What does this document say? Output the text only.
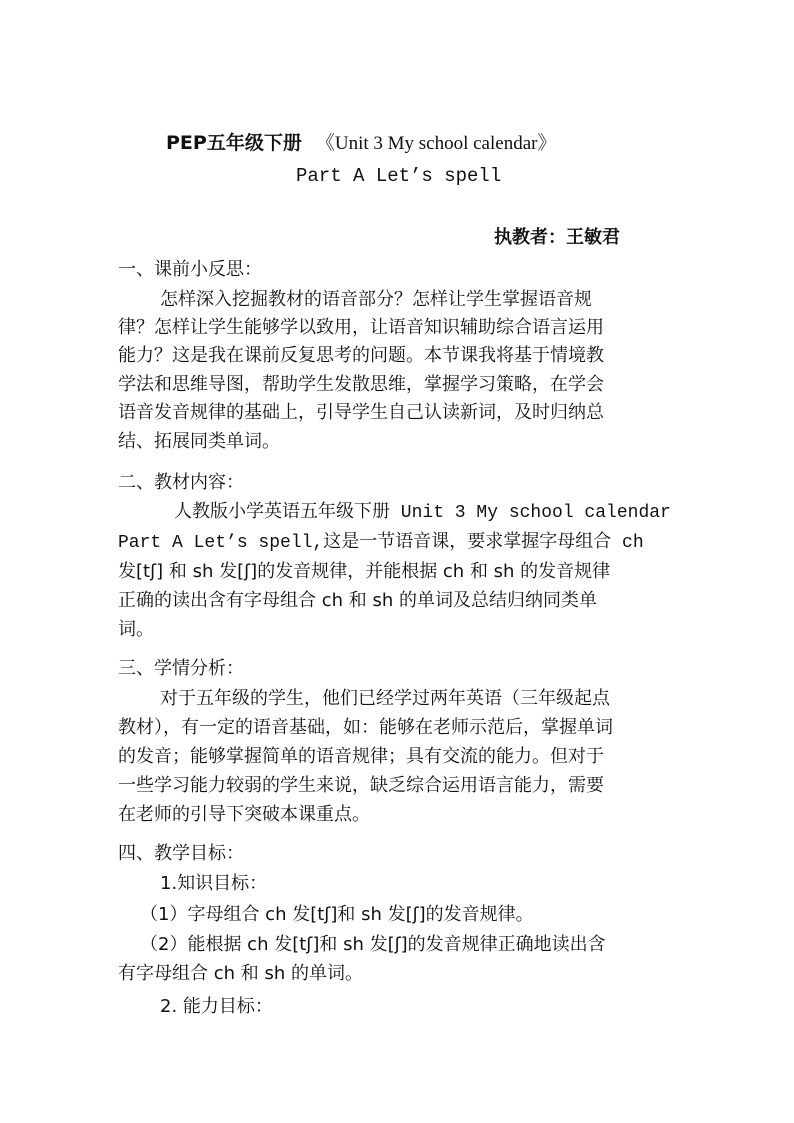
PEP五年级下册 《Unit 3 My school calendar》
Part A Let’s spell
执教者：王敏君
一、课前小反思：
怎样深入挖掘教材的语音部分？怎样让学生掌握语音规
律？怎样让学生能够学以致用，让语音知识辅助综合语言运用
能力？这是我在课前反复思考的问题。本节课我将基于情境教
学法和思维导图，帮助学生发散思维，掌握学习策略，在学会
语音发音规律的基础上，引导学生自己认读新词，及时归纳总
结、拓展同类单词。
二、教材内容：
人教版小学英语五年级下册 Unit 3 My school calendar
Part A Let’s spell,这是一节语音课，要求掌握字母组合 ch
发[tʃ] 和 sh 发[ʃ]的发音规律，并能根据 ch 和 sh 的发音规律
正确的读出含有字母组合 ch 和 sh 的单词及总结归纳同类单
词。
三、学情分析：
对于五年级的学生，他们已经学过两年英语（三年级起点
教材），有一定的语音基础，如：能够在老师示范后，掌握单词
的发音；能够掌握简单的语音规律；具有交流的能力。但对于
一些学习能力较弱的学生来说，缺乏综合运用语言能力，需要
在老师的引导下突破本课重点。
四、教学目标：
1.知识目标：
（1）字母组合 ch 发[tʃ]和 sh 发[ʃ]的发音规律。
（2）能根据 ch 发[tʃ]和 sh 发[ʃ]的发音规律正确地读出含
有字母组合 ch 和 sh 的单词。
2. 能力目标：
